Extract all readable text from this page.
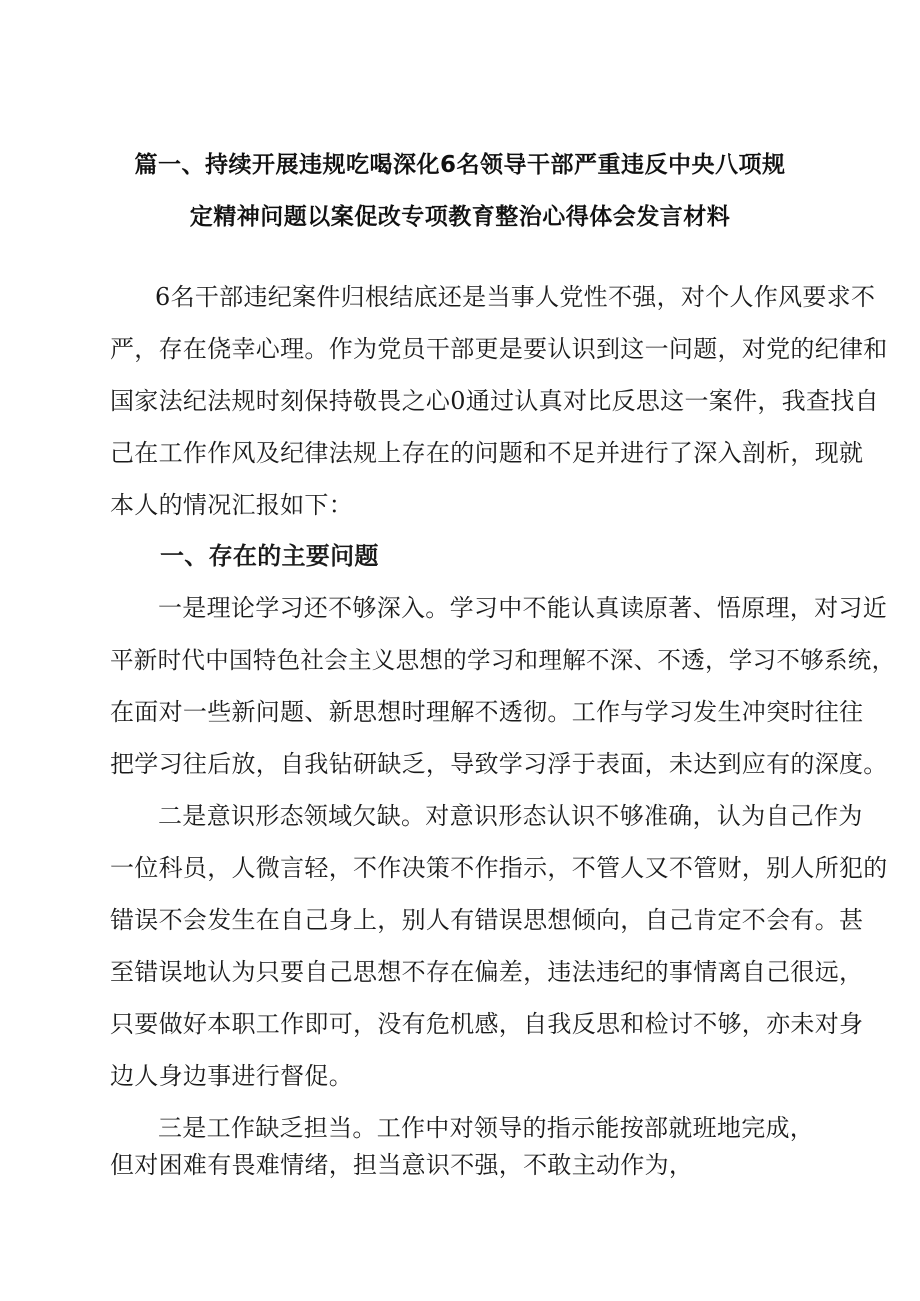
篇一、持续开展违规吃喝深化6名领导干部严重违反中央八项规
定精神问题以案促改专项教育整治心得体会发言材料
6名干部违纪案件归根结底还是当事人党性不强，对个人作风要求不
严，存在侥幸心理。作为党员干部更是要认识到这一问题，对党的纪律和
国家法纪法规时刻保持敬畏之心0通过认真对比反思这一案件，我查找自
己在工作作风及纪律法规上存在的问题和不足并进行了深入剖析，现就
本人的情况汇报如下：
一、存在的主要问题
一是理论学习还不够深入。学习中不能认真读原著、悟原理，对习近
平新时代中国特色社会主义思想的学习和理解不深、不透，学习不够系统，
在面对一些新问题、新思想时理解不透彻。工作与学习发生冲突时往往
把学习往后放，自我钻研缺乏，导致学习浮于表面，未达到应有的深度。
二是意识形态领域欠缺。对意识形态认识不够准确，认为自己作为
一位科员，人微言轻，不作决策不作指示，不管人又不管财，别人所犯的
错误不会发生在自己身上，别人有错误思想倾向，自己肯定不会有。甚
至错误地认为只要自己思想不存在偏差，违法违纪的事情离自己很远，
只要做好本职工作即可，没有危机感，自我反思和检讨不够，亦未对身
边人身边事进行督促。
三是工作缺乏担当。工作中对领导的指示能按部就班地完成，
但对困难有畏难情绪，担当意识不强，不敢主动作为，
